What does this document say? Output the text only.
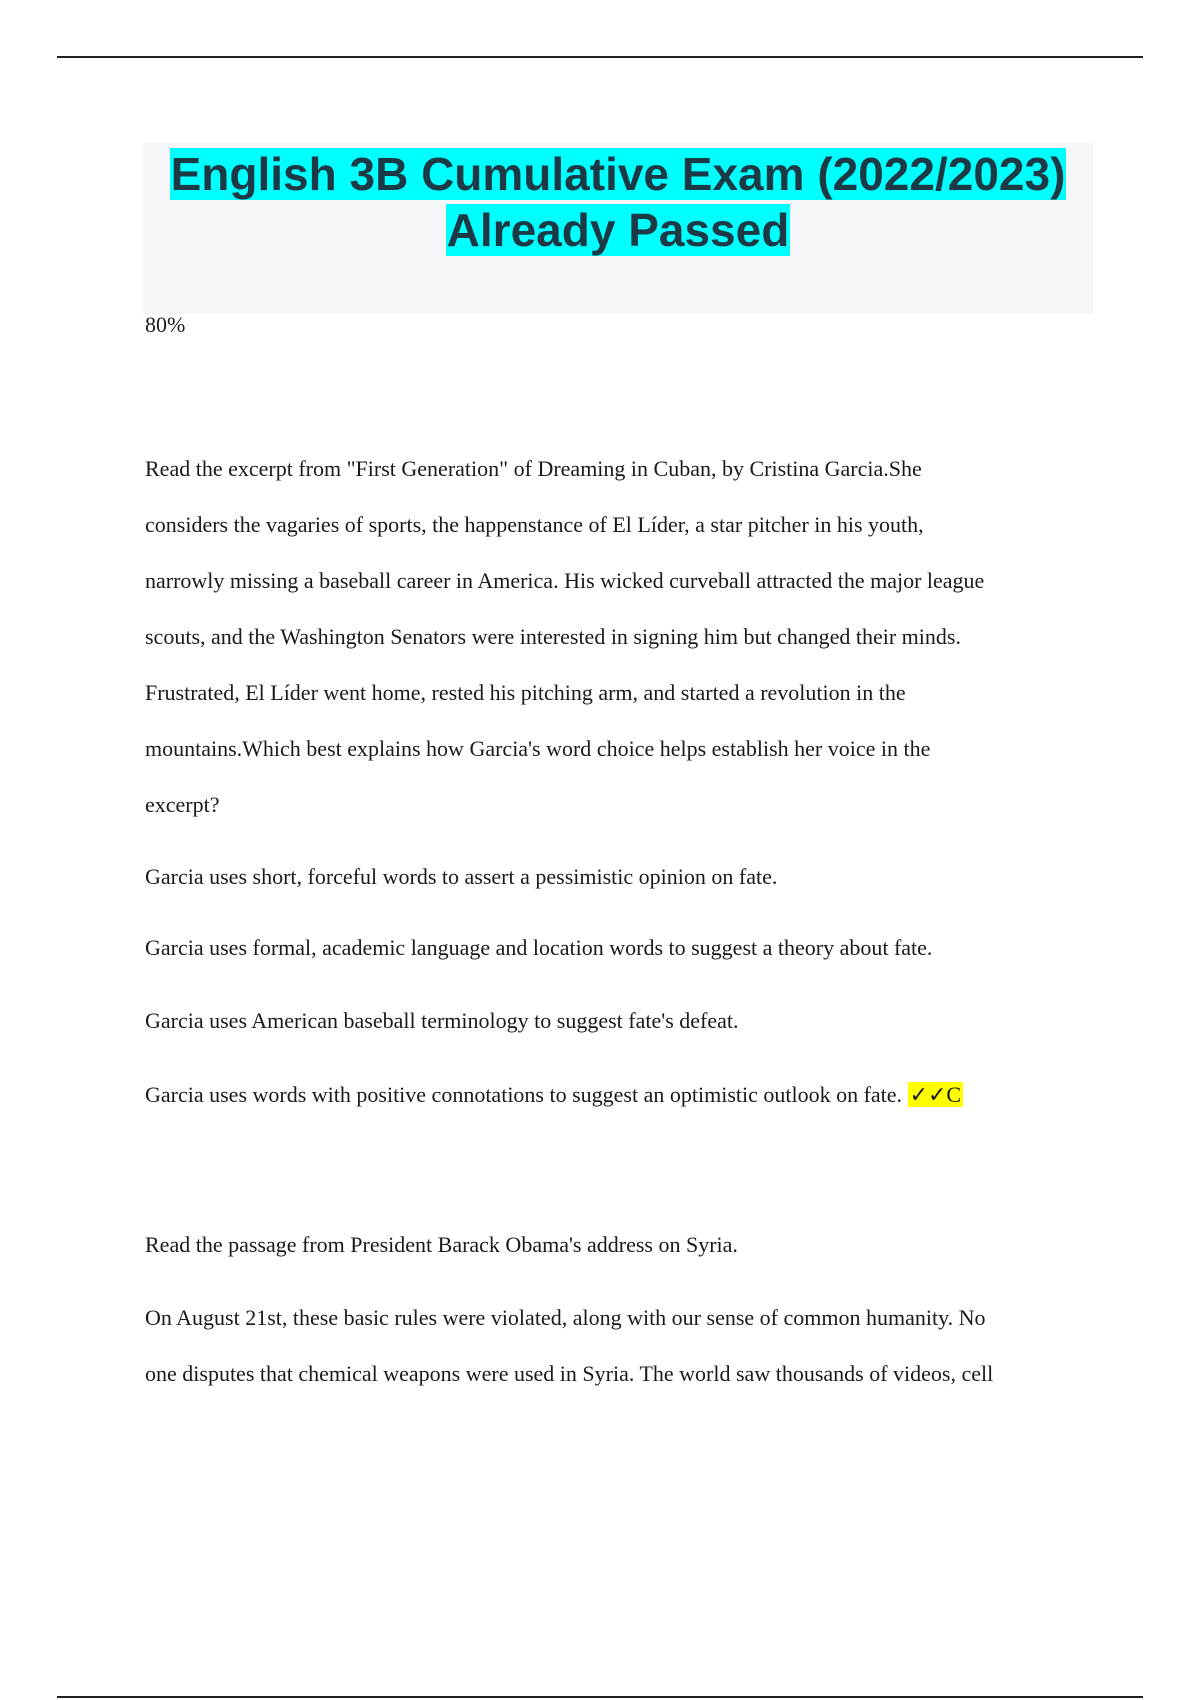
English 3B Cumulative Exam (2022/2023)
Already Passed

80%

Read the excerpt from "First Generation" of Dreaming in Cuban, by Cristina Garcia.She
considers the vagaries of sports, the happenstance of El Líder, a star pitcher in his youth,
narrowly missing a baseball career in America. His wicked curveball attracted the major league
scouts, and the Washington Senators were interested in signing him but changed their minds.
Frustrated, El Líder went home, rested his pitching arm, and started a revolution in the
mountains.Which best explains how Garcia's word choice helps establish her voice in the
excerpt?

Garcia uses short, forceful words to assert a pessimistic opinion on fate.

Garcia uses formal, academic language and location words to suggest a theory about fate.

Garcia uses American baseball terminology to suggest fate's defeat.

Garcia uses words with positive connotations to suggest an optimistic outlook on fate. ✓✓C

Read the passage from President Barack Obama's address on Syria.

On August 21st, these basic rules were violated, along with our sense of common humanity. No
one disputes that chemical weapons were used in Syria. The world saw thousands of videos, cell
